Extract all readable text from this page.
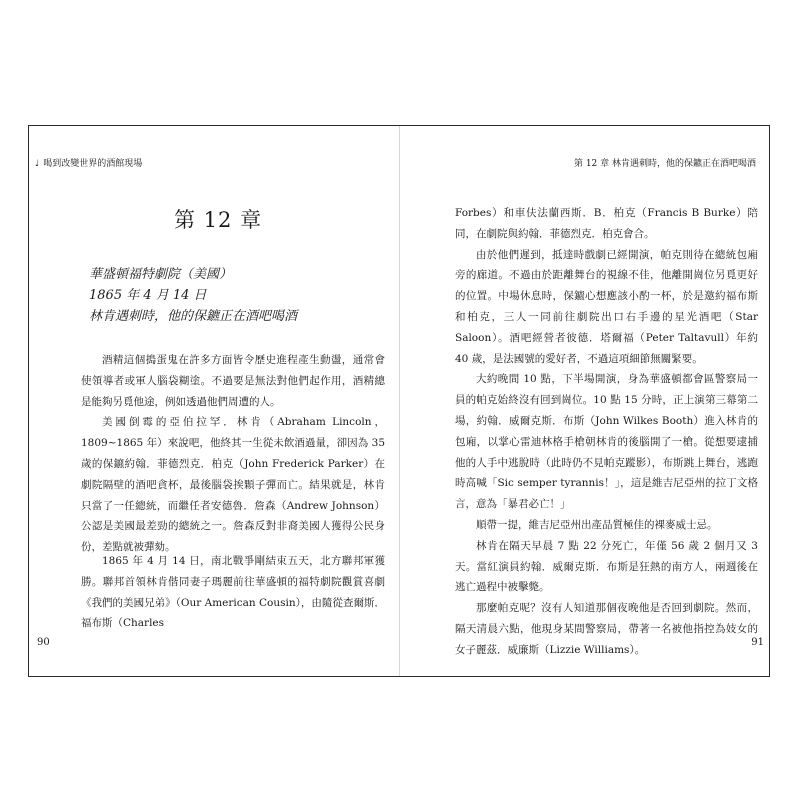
♩ 喝到改變世界的酒館現場
第 12 章
華盛頓福特劇院（美國）
1865 年 4 月 14 日
林肯遇刺時，他的保鑣正在酒吧喝酒

酒精這個搗蛋鬼在許多方面皆令歷史進程產生動盪，通常會使領導者或軍人腦袋糊塗。不過要是無法對他們起作用，酒精總是能夠另覓他途，例如透過他們周遭的人。

美國倒霉的亞伯拉罕．林肯（Abraham Lincoln，1809~1865 年）來說吧，他終其一生從未飲酒過量，卻因為 35 歲的保鑣約翰．菲德烈克．柏克（John Frederick Parker）在劇院隔壁的酒吧貪杯，最後腦袋挨顆子彈而亡。結果就是，林肯只當了一任總統，而繼任者安德魯．詹森（Andrew Johnson）公認是美國最差勁的總統之一。詹森反對非裔美國人獲得公民身份，差點就被彈劾。

1865 年 4 月 14 日，南北戰爭剛結束五天，北方聯邦軍獲勝。聯邦首領林肯偕同妻子瑪麗前往華盛頓的福特劇院觀賞喜劇《我們的美國兄弟》（Our American Cousin），由隨從查爾斯．福布斯（Charles

90
第 12 章 林肯遇刺時，他的保鑣正在酒吧喝酒

Forbes）和車伕法蘭西斯．B．柏克（Francis B Burke）陪同，在劇院與約翰．菲德烈克．柏克會合。

由於他們遲到，抵達時戲劇已經開演，帕克則待在總統包廂旁的廊道。不過由於距離舞台的視線不佳，他離開崗位另覓更好的位置。中場休息時，保鑣心想應該小酌一杯，於是邀約福布斯和柏克，三人一同前往劇院出口右手邊的星光酒吧（Star Saloon）。酒吧經營者彼德．塔爾福（Peter Taltavull）年約 40 歲，是法國號的愛好者，不過這項細節無關緊要。

大約晚間 10 點，下半場開演，身為華盛頓都會區警察局一員的帕克始終沒有回到崗位。10 點 15 分時，正上演第三幕第二場，約翰．威爾克斯．布斯（John Wilkes Booth）進入林肯的包廂，以掌心雷迪林格手槍朝林肯的後腦開了一槍。從想要逮捕他的人手中逃脫時（此時仍不見帕克蹤影），布斯跳上舞台，逃跑時高喊「Sic semper tyrannis！」，這是維吉尼亞州的拉丁文格言，意為「暴君必亡！」

順帶一提，維吉尼亞州出產品質極佳的裸麥威士忌。

林肯在隔天早晨 7 點 22 分死亡，年僅 56 歲 2 個月又 3 天。當紅演員約翰．威爾克斯．布斯是狂熱的南方人，兩週後在逃亡過程中被擊斃。

那麼帕克呢？沒有人知道那個夜晚他是否回到劇院。然而，隔天清晨六點，他現身某間警察局，帶著一名被他指控為妓女的女子麗茲．威廉斯（Lizzie Williams）。

91
